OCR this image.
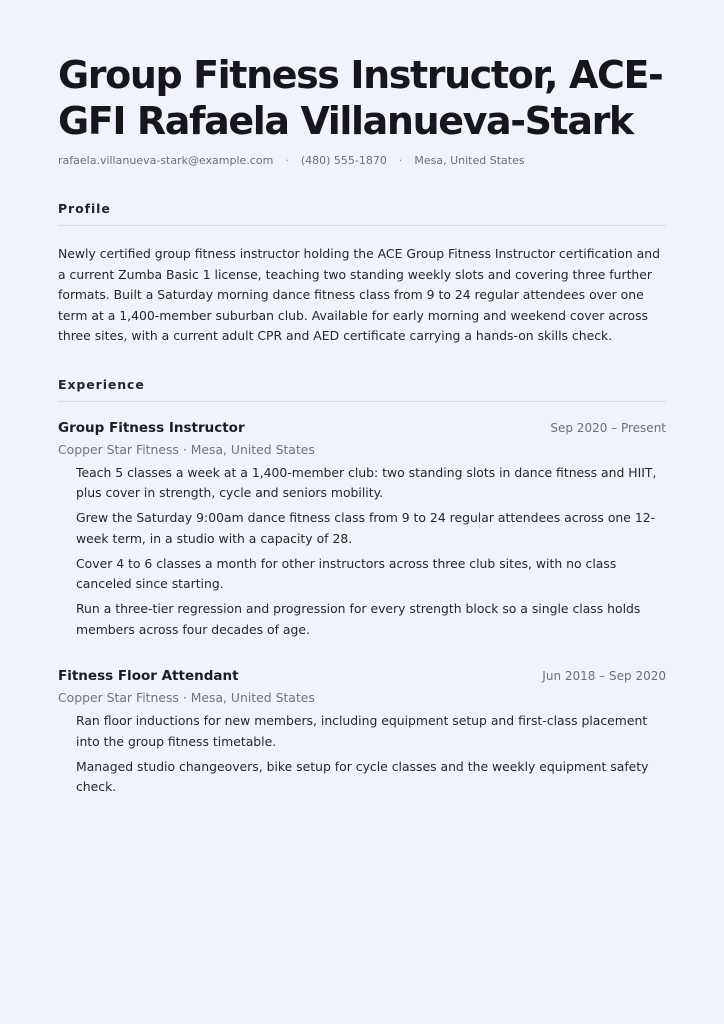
Group Fitness Instructor, ACE-GFI Rafaela Villanueva-Stark
rafaela.villanueva-stark@example.com · (480) 555-1870 · Mesa, United States
Profile

Newly certified group fitness instructor holding the ACE Group Fitness Instructor certification and a current Zumba Basic 1 license, teaching two standing weekly slots and covering three further formats. Built a Saturday morning dance fitness class from 9 to 24 regular attendees over one term at a 1,400-member suburban club. Available for early morning and weekend cover across three sites, with a current adult CPR and AED certificate carrying a hands-on skills check.

Experience
Group Fitness Instructor	Sep 2020 – Present
Copper Star Fitness · Mesa, United States
Teach 5 classes a week at a 1,400-member club: two standing slots in dance fitness and HIIT, plus cover in strength, cycle and seniors mobility.
Grew the Saturday 9:00am dance fitness class from 9 to 24 regular attendees across one 12-week term, in a studio with a capacity of 28.
Cover 4 to 6 classes a month for other instructors across three club sites, with no class canceled since starting.
Run a three-tier regression and progression for every strength block so a single class holds members across four decades of age.
Fitness Floor Attendant	Jun 2018 – Sep 2020
Copper Star Fitness · Mesa, United States
Ran floor inductions for new members, including equipment setup and first-class placement into the group fitness timetable.
Managed studio changeovers, bike setup for cycle classes and the weekly equipment safety check.
